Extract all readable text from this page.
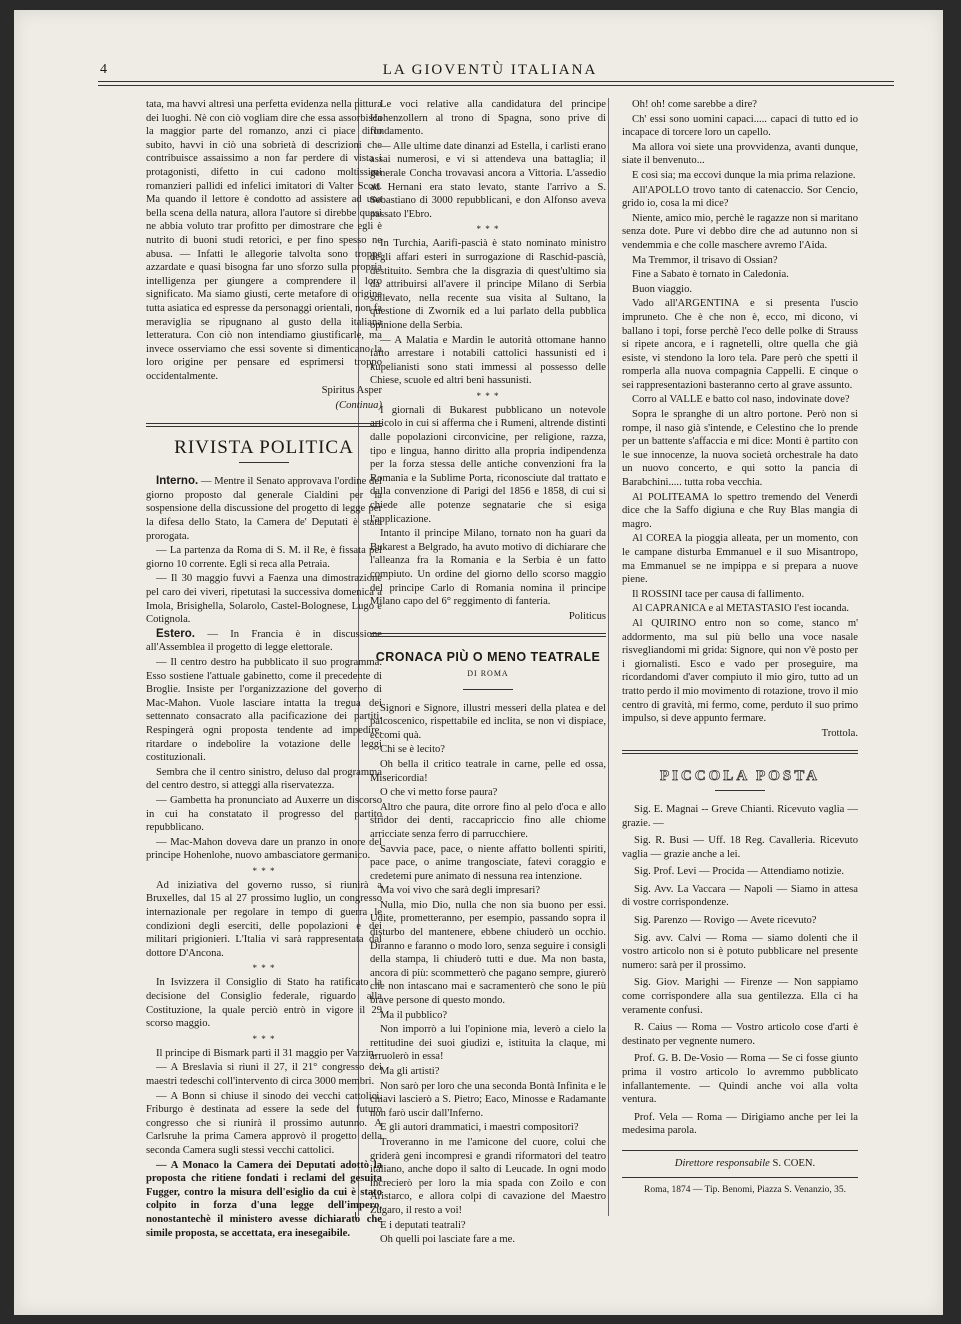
4	LA GIOVENTÙ ITALIANA

tata, ma havvi altresì una perfetta evidenza nella pittura dei luoghi. Nè con ciò vogliam dire che essa assorbisca la maggior parte del romanzo, anzi ci piace dirlo subito, havvi in ciò una sobrietà di descrizioni che contribuisce assaissimo a non far perdere di vista i protagonisti, difetto in cui cadono moltissimi romanzieri pallidi ed infelici imitatori di Valter Scott. Ma quando il lettore è condotto ad assistere ad una bella scena della natura, allora l'autore si direbbe quasi ne abbia voluto trar profitto per dimostrare che egli è nutrito di buoni studi retorici, e per fino spesso ne abusa. — Infatti le allegorie talvolta sono troppe azzardate e quasi bisogna far uno sforzo sulla propria intelligenza per giungere a comprendere il loro significato. Ma siamo giusti, certe metafore di origine tutta asiatica ed espresse da personaggi orientali, non fa meraviglia se ripugnano al gusto della italiana letteratura. Con ciò non intendiamo giustificarle, ma invece osserviamo che essi sovente si dimenticano la loro origine per pensare ed esprimersi troppo occidentalmente.

Spiritus Asper

(Continua)

RIVISTA POLITICA

Interno. — Mentre il Senato approvava l'ordine del giorno proposto dal generale Cialdini per la sospensione della discussione del progetto di legge per la difesa dello Stato, la Camera de' Deputati è stata prorogata.

— La partenza da Roma di S. M. il Re, è fissata pel giorno 10 corrente. Egli si reca alla Petraia.

— Il 30 maggio fuvvi a Faenza una dimostrazione pel caro dei viveri, ripetutasi la successiva domenica a Imola, Brisighella, Solarolo, Castel-Bolognese, Lugo e Cotignola.

Estero. — In Francia è in discussione all'Assemblea il progetto di legge elettorale.

— Il centro destro ha pubblicato il suo programma. Esso sostiene l'attuale gabinetto, come il precedente di Broglie. Insiste per l'organizzazione del governo di Mac-Mahon. Vuole lasciare intatta la tregua dei settennato consacrato alla pacificazione dei partiti. Respingerà ogni proposta tendente ad impedire, ritardare o indebolire la votazione delle leggi costituzionali.

Sembra che il centro sinistro, deluso dal programma del centro destro, si atteggi alla riservatezza.

— Gambetta ha pronunciato ad Auxerre un discorso in cui ha constatato il progresso del partito repubblicano.

— Mac-Mahon doveva dare un pranzo in onore del principe Hohenlohe, nuovo ambasciatore germanico.

* * *

Ad iniziativa del governo russo, si riunirà a Bruxelles, dal 15 al 27 prossimo luglio, un congresso internazionale per regolare in tempo di guerra le condizioni degli eserciti, delle popolazioni e dei militari prigionieri. L'Italia vi sarà rappresentata dal dottore D'Ancona.

* * *

In Isvizzera il Consiglio di Stato ha ratificato la decisione del Consiglio federale, riguardo alla Costituzione, la quale perciò entrò in vigore il 29 scorso maggio.

* * *

Il principe di Bismark partì il 31 maggio per Varzin.

— A Breslavia si riunì il 27, il 21° congresso dei maestri tedeschi coll'intervento di circa 3000 membri.

— A Bonn si chiuse il sinodo dei vecchi cattolici. Friburgo è destinata ad essere la sede del futuro congresso che si riunirà il prossimo autunno. A Carlsruhe la prima Camera approvò il progetto della seconda Camera sugli stessi vecchi cattolici.

— A Monaco la Camera dei Deputati adottò la proposta che ritiene fondati i reclami del gesuita Fugger, contro la misura dell'esiglio da cui è stato colpito in forza d'una legge dell'impero, nonostantechè il ministero avesse dichiarato che simile proposta, se accettata, era inesegaibile.

Le voci relative alla candidatura del principe Hohenzollern al trono di Spagna, sono prive di fondamento.

— Alle ultime date dinanzi ad Estella, i carlisti erano assai numerosi, e vi si attendeva una battaglia; il generale Concha trovavasi ancora a Vittoria. L'assedio ad Hernani era stato levato, stante l'arrivo a S. Sebastiano di 3000 repubblicani, e don Alfonso aveva passato l'Ebro.

* * *

In Turchia, Aarifi-pascià è stato nominato ministro degli affari esteri in surrogazione di Raschid-pascià, destituito. Sembra che la disgrazia di quest'ultimo sia da attribuirsi all'avere il principe Milano di Serbia sollevato, nella recente sua visita al Sultano, la questione di Zwornik ed a lui parlato della pubblica opinione della Serbia.

— A Malatia e Mardin le autorità ottomane hanno fatto arrestare i notabili cattolici hassunisti ed i kupelianisti sono stati immessi al possesso delle Chiese, scuole ed altri beni hassunisti.

* * *

I giornali di Bukarest pubblicano un notevole articolo in cui si afferma che i Rumeni, altrende distinti dalle popolazioni circonvicine, per religione, razza, tipo e lingua, hanno diritto alla propria indipendenza per la forza stessa delle antiche convenzioni fra la Romania e la Sublime Porta, riconosciute dal trattato e dalla convenzione di Parigi del 1856 e 1858, di cui si chiede alle potenze segnatarie che si esiga l'applicazione.

Intanto il principe Milano, tornato non ha guari da Bukarest a Belgrado, ha avuto motivo di dichiarare che l'alleanza fra la Romania e la Serbia è un fatto compiuto. Un ordine del giorno dello scorso maggio del principe Carlo di Romania nomina il principe Milano capo del 6° reggimento di fanteria.

Politicus

CRONACA PIÙ O MENO TEATRALE
DI ROMA

Signori e Signore, illustri messeri della platea e del palcoscenico, rispettabile ed inclita, se non vi dispiace, eccomi quà.

Chi se è lecito?

Oh bella il critico teatrale in carne, pelle ed ossa, Misericordia!

O che vi metto forse paura?

Altro che paura, dite orrore fino al pelo d'oca e allo stridor dei denti, raccapriccio fino alle chiome arricciate senza ferro di parrucchiere.

Savvia pace, pace, o niente affatto bollenti spiriti, pace pace, o anime trangosciate, fatevi coraggio e credetemi pure animato di nessuna rea intenzione.

Ma voi vivo che sarà degli impresari?

Nulla, mio Dio, nulla che non sia buono per essi. Udite, prometteranno, per esempio, passando sopra il disturbo del mantenere, ebbene chiuderò un occhio. Diranno e faranno o modo loro, senza seguire i consigli della stampa, li chiuderò tutti e due. Ma non basta, ancora di più: scommetterò che pagano sempre, giurerò che non intascano mai e sacramenterò che sono le più brave persone di questo mondo.

Ma il pubblico?

Non imporrò a lui l'opinione mia, leverò a cielo la rettitudine dei suoi giudizi e, istituita la claque, mi arruolerò in essa!

Ma gli artisti?

Non sarò per loro che una seconda Bontà Infinita e le chiavi lascierò a S. Pietro; Eaco, Minosse e Radamante non farò uscir dall'Inferno.

E gli autori drammatici, i maestri compositori?

Troveranno in me l'amicone del cuore, colui che griderà geni incompresi e grandi riformatori del teatro italiano, anche dopo il salto di Leucade. In ogni modo increcierò per loro la mia spada con Zoilo e con Aristarco, e allora colpi di cavazione del Maestro Zugaro, il resto a voi!

E i deputati teatrali?

Oh quelli poi lasciate fare a me.

Oh! oh! come sarebbe a dire?

Ch' essi sono uomini capaci..... capaci di tutto ed io incapace di torcere loro un capello.

Ma allora voi siete una provvidenza, avanti dunque, siate il benvenuto...

E così sia; ma eccovi dunque la mia prima relazione.

All'APOLLO trovo tanto di catenaccio. Sor Cencio, grido io, cosa la mi dice?

Niente, amico mio, perchè le ragazze non si maritano senza dote. Pure vi debbo dire che ad autunno non si vendemmia e che colle maschere avremo l'Aida.

Ma Tremmor, il trisavo di Ossian?

Fine a Sabato è tornato in Caledonia.

Buon viaggio.

Vado all'ARGENTINA e si presenta l'uscio impruneto. Che è che non è, ecco, mi dicono, vi ballano i topi, forse perchè l'eco delle polke di Strauss si ripete ancora, e i ragnetelli, oltre quella che già esiste, vi stendono la loro tela. Pare però che spetti il romperla alla nuova compagnia Cappelli. E cinque o sei rappresentazioni basteranno certo al grave assunto.

Corro al VALLE e batto col naso, indovinate dove?

Sopra le spranghe di un altro portone. Però non si rompe, il naso già s'intende, e Celestino che lo prende per un battente s'affaccia e mi dice: Monti è partito con le sue innocenze, la nuova società orchestrale ha dato un nuovo concerto, e qui sotto la pancia di Barabchini..... tutta roba vecchia.

Al POLITEAMA lo spettro tremendo del Venerdì dice che la Saffo digiuna e che Ruy Blas mangia di magro.

Al COREA la pioggia alleata, per un momento, con le campane disturba Emmanuel e il suo Misantropo, ma Emmanuel se ne impippa e si prepara a nuove piene.

Il ROSSINI tace per causa di fallimento.

Al CAPRANICA e al METASTASIO l'est iocanda.

Al QUIRINO entro non so come, stanco m' addormento, ma sul più bello una voce nasale risvegliandomi mi grida: Signore, qui non v'è posto per i giornalisti. Esco e vado per proseguire, ma ricordandomi d'aver compiuto il mio giro, tutto ad un tratto perdo il mio movimento di rotazione, trovo il mio centro di gravità, mi fermo, come, perduto il suo primo impulso, si deve appunto fermare.

Trottola.

PICCOLA POSTA

Sig. E. Magnai -- Greve Chianti. Ricevuto vaglia — grazie. —

Sig. R. Busi — Uff. 18 Reg. Cavalleria. Ricevuto vaglia — grazie anche a lei.

Sig. Prof. Levi — Procida — Attendiamo notizie.

Sig. Avv. La Vaccara — Napoli — Siamo in attesa di vostre corrispondenze.

Sig. Parenzo — Rovigo — Avete ricevuto?

Sig. avv. Calvi — Roma — siamo dolenti che il vostro articolo non si è potuto pubblicare nel presente numero: sarà per il prossimo.

Sig. Giov. Marighi — Firenze — Non sappiamo come corrispondere alla sua gentilezza. Ella ci ha veramente confusi.

R. Caius — Roma — Vostro articolo cose d'arti è destinato per vegnente numero.

Prof. G. B. De-Vosio — Roma — Se ci fosse giunto prima il vostro articolo lo avremmo pubblicato infallantemente. — Quindi anche voi alla volta ventura.

Prof. Vela — Roma — Dirigiamo anche per lei la medesima parola.

Direttore responsabile S. COEN.

Roma, 1874 — Tip. Benomi, Piazza S. Venanzio, 35.
